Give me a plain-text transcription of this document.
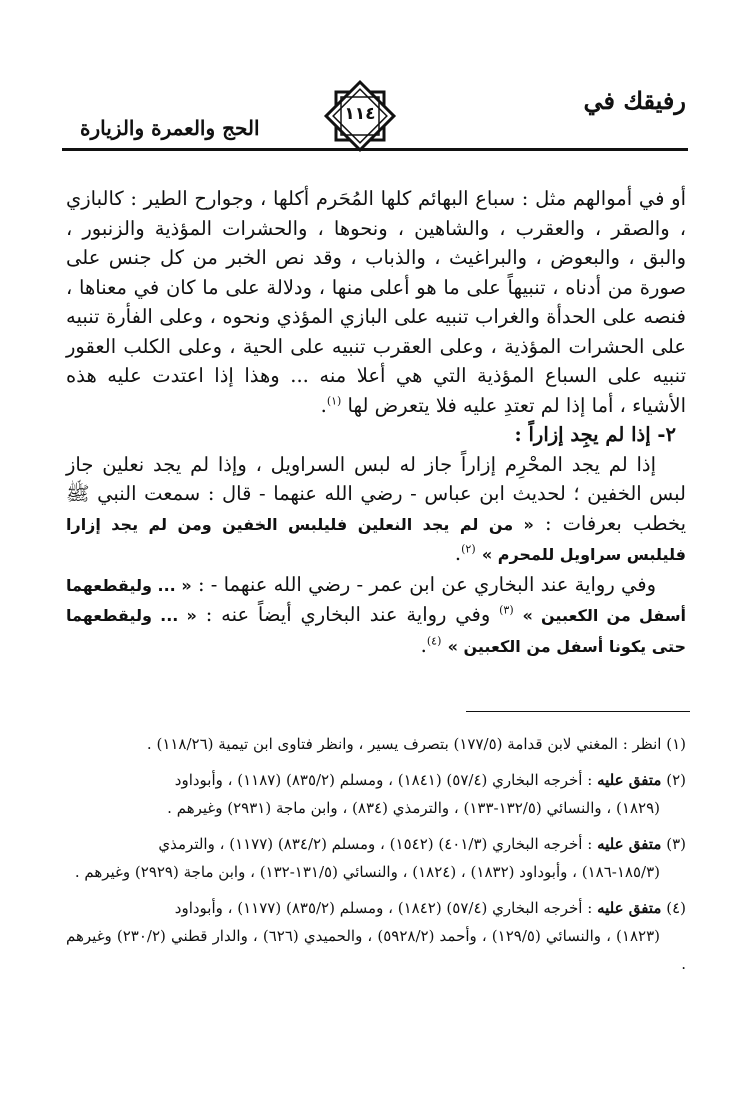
رفيقك في
١١٤
الحج والعمرة والزيارة

أو في أموالهم مثل : سباع البهائم كلها المُحَرم أكلها ، وجوارح الطير : كالبازي ، والصقر ، والعقرب ، والشاهين ، ونحوها ، والحشرات المؤذية والزنبور ، والبق ، والبعوض ، والبراغيث ، والذباب ، وقد نص الخبر من كل جنس على صورة من أدناه ، تنبيهاً على ما هو أعلى منها ، ودلالة على ما كان في معناها ، فنصه على الحدأة والغراب تنبيه على البازي المؤذي ونحوه ، وعلى الفأرة تنبيه على الحشرات المؤذية ، وعلى العقرب تنبيه على الحية ، وعلى الكلب العقور تنبيه على السباع المؤذية التي هي أعلا منه ... وهذا إذا اعتدت عليه هذه الأشياء ، أما إذا لم تعتدِ عليه فلا يتعرض لها $^{(١)}$.

٢- إذا لم يجِد إزاراً :

إذا لم يجد المحْرِم إزاراً جاز له لبس السراويل ، وإذا لم يجد نعلين جاز لبس الخفين ؛ لحديث ابن عباس - رضي الله عنهما - قال : سمعت النبي ﷺ يخطب بعرفات : « من لم يجد النعلين فليلبس الخفين ومن لم يجد إزارا فليلبس سراويل للمحرم » $^{(٢)}$.

وفي رواية عند البخاري عن ابن عمر - رضي الله عنهما - : « ... وليقطعهما أسفل من الكعبين » $^{(٣)}$ وفي رواية عند البخاري أيضاً عنه : « ... وليقطعهما حتى يكونا أسفل من الكعبين » $^{(٤)}$.

(١) انظر : المغني لابن قدامة (١٧٧/٥) بتصرف يسير ، وانظر فتاوى ابن تيمية (١١٨/٢٦) .

(٢) متفق عليه : أخرجه البخاري (٥٧/٤) (١٨٤١) ، ومسلم (٨٣٥/٢) (١١٨٧) ، وأبوداود
(١٨٢٩) ، والنسائي (١٣٢/٥-١٣٣) ، والترمذي (٨٣٤) ، وابن ماجة (٢٩٣١) وغيرهم .

(٣) متفق عليه : أخرجه البخاري (٤٠١/٣) (١٥٤٢) ، ومسلم (٨٣٤/٢) (١١٧٧) ، والترمذي
(١٨٥/٣-١٨٦) ، وأبوداود (١٨٣٢) ، (١٨٢٤) ، والنسائي (١٣١/٥-١٣٢) ، وابن ماجة (٢٩٢٩) وغيرهم .

(٤) متفق عليه : أخرجه البخاري (٥٧/٤) (١٨٤٢) ، ومسلم (٨٣٥/٢) (١١٧٧) ، وأبوداود
(١٨٢٣) ، والنسائي (١٢٩/٥) ، وأحمد (٥٩٢٨/٢) ، والحميدي (٦٢٦) ، والدار قطني (٢٣٠/٢) وغيرهم .
